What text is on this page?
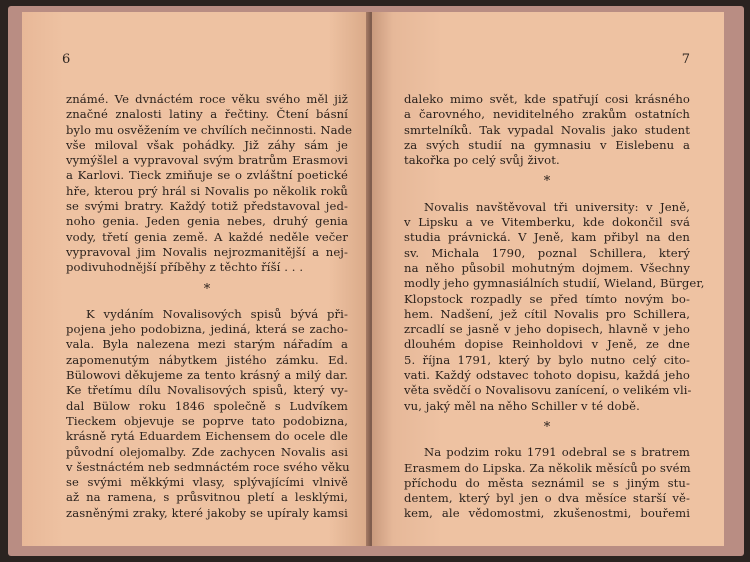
6
známé. Ve dvnáctém roce věku svého měl již
značné znalosti latiny a řečtiny. Čtení básní
bylo mu osvěžením ve chvílích nečinnosti. Nade
vše miloval však pohádky. Již záhy sám je
vymýšlel a vypravoval svým bratrům Erasmovi
a Karlovi. Tieck zmiňuje se o zvláštní poetické
hře, kterou prý hrál si Novalis po několik roků
se svými bratry. Každý totiž představoval jed-
noho genia. Jeden genia nebes, druhý genia
vody, třetí genia země. A každé neděle večer
vypravoval jim Novalis nejrozmanitější a nej-
podivuhodnější příběhy z těchto říší . . .
*
K vydáním Novalisových spisů bývá při-
pojena jeho podobizna, jediná, která se zacho-
vala. Byla nalezena mezi starým nářadím a
zapomenutým nábytkem jistého zámku. Ed.
Bülowovi děkujeme za tento krásný a milý dar.
Ke třetímu dílu Novalisových spisů, který vy-
dal Bülow roku 1846 společně s Ludvíkem
Tieckem objevuje se poprve tato podobizna,
krásně rytá Eduardem Eichensem do ocele dle
původní olejomalby. Zde zachycen Novalis asi
v šestnáctém neb sedmnáctém roce svého věku
se svými měkkými vlasy, splývajícími vlnivě
až na ramena, s průsvitnou pletí a lesklými,
zasněnými zraky, které jakoby se upíraly kamsi
7
daleko mimo svět, kde spatřují cosi krásného
a čarovného, neviditelného zrakům ostatních
smrtelníků. Tak vypadal Novalis jako student
za svých studií na gymnasiu v Eislebenu a
takořka po celý svůj život.
*
Novalis navštěvoval tři university: v Jeně,
v Lipsku a ve Vitemberku, kde dokončil svá
studia právnická. V Jeně, kam přibyl na den
sv. Michala 1790, poznal Schillera, který
na něho působil mohutným dojmem. Všechny
modly jeho gymnasiálních studií, Wieland, Bürger,
Klopstock rozpadly se před tímto novým bo-
hem. Nadšení, jež cítil Novalis pro Schillera,
zrcadlí se jasně v jeho dopisech, hlavně v jeho
dlouhém dopise Reinholdovi v Jeně, ze dne
5. října 1791, který by bylo nutno celý cito-
vati. Každý odstavec tohoto dopisu, každá jeho
věta svědčí o Novalisovu zanícení, o velikém vli-
vu, jaký měl na něho Schiller v té době.
*
Na podzim roku 1791 odebral se s bratrem
Erasmem do Lipska. Za několik měsíců po svém
příchodu do města seznámil se s jiným stu-
dentem, který byl jen o dva měsíce starší vě-
kem, ale vědomostmi, zkušenostmi, bouřemi
